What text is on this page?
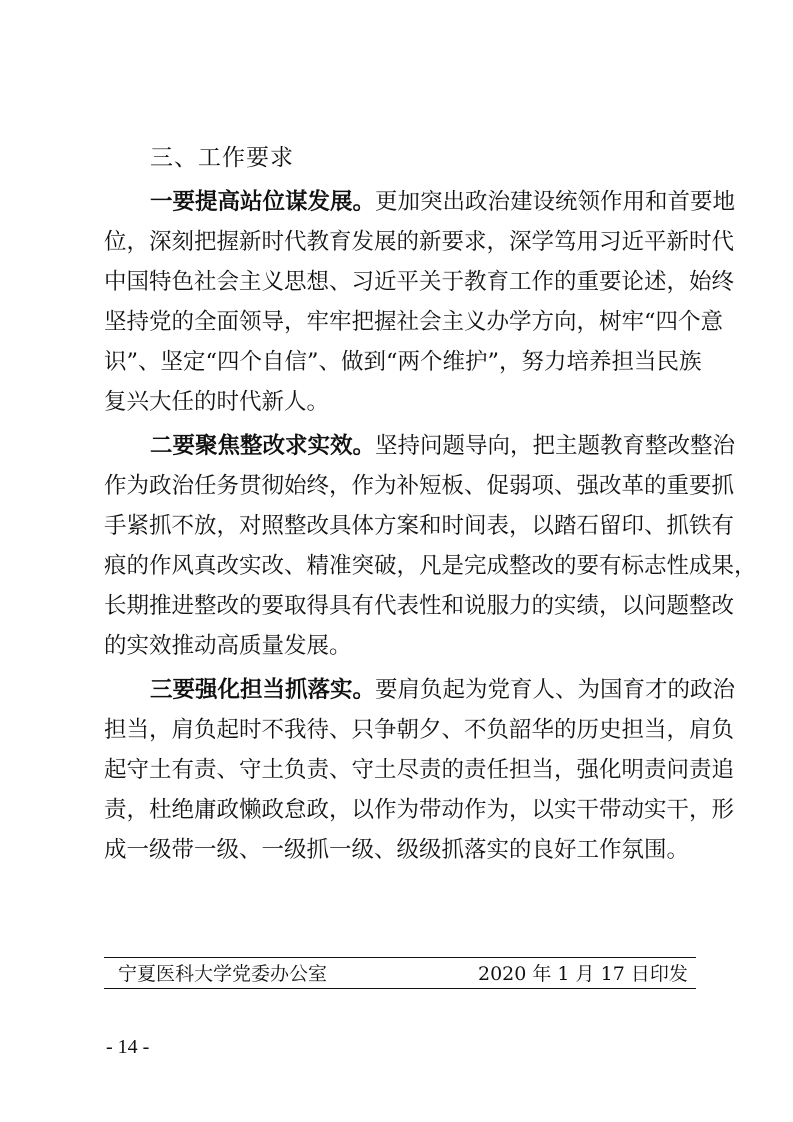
三、工作要求
一要提高站位谋发展。更加突出政治建设统领作用和首要地
位，深刻把握新时代教育发展的新要求，深学笃用习近平新时代
中国特色社会主义思想、习近平关于教育工作的重要论述，始终
坚持党的全面领导，牢牢把握社会主义办学方向，树牢“四个意
识”、坚定“四个自信”、做到“两个维护”，努力培养担当民族
复兴大任的时代新人。
二要聚焦整改求实效。坚持问题导向，把主题教育整改整治
作为政治任务贯彻始终，作为补短板、促弱项、强改革的重要抓
手紧抓不放，对照整改具体方案和时间表，以踏石留印、抓铁有
痕的作风真改实改、精准突破，凡是完成整改的要有标志性成果，
长期推进整改的要取得具有代表性和说服力的实绩，以问题整改
的实效推动高质量发展。
三要强化担当抓落实。要肩负起为党育人、为国育才的政治
担当，肩负起时不我待、只争朝夕、不负韶华的历史担当，肩负
起守土有责、守土负责、守土尽责的责任担当，强化明责问责追
责，杜绝庸政懒政怠政，以作为带动作为，以实干带动实干，形
成一级带一级、一级抓一级、级级抓落实的良好工作氛围。
宁夏医科大学党委办公室	2020 年 1 月 17 日印发
- 14 -
